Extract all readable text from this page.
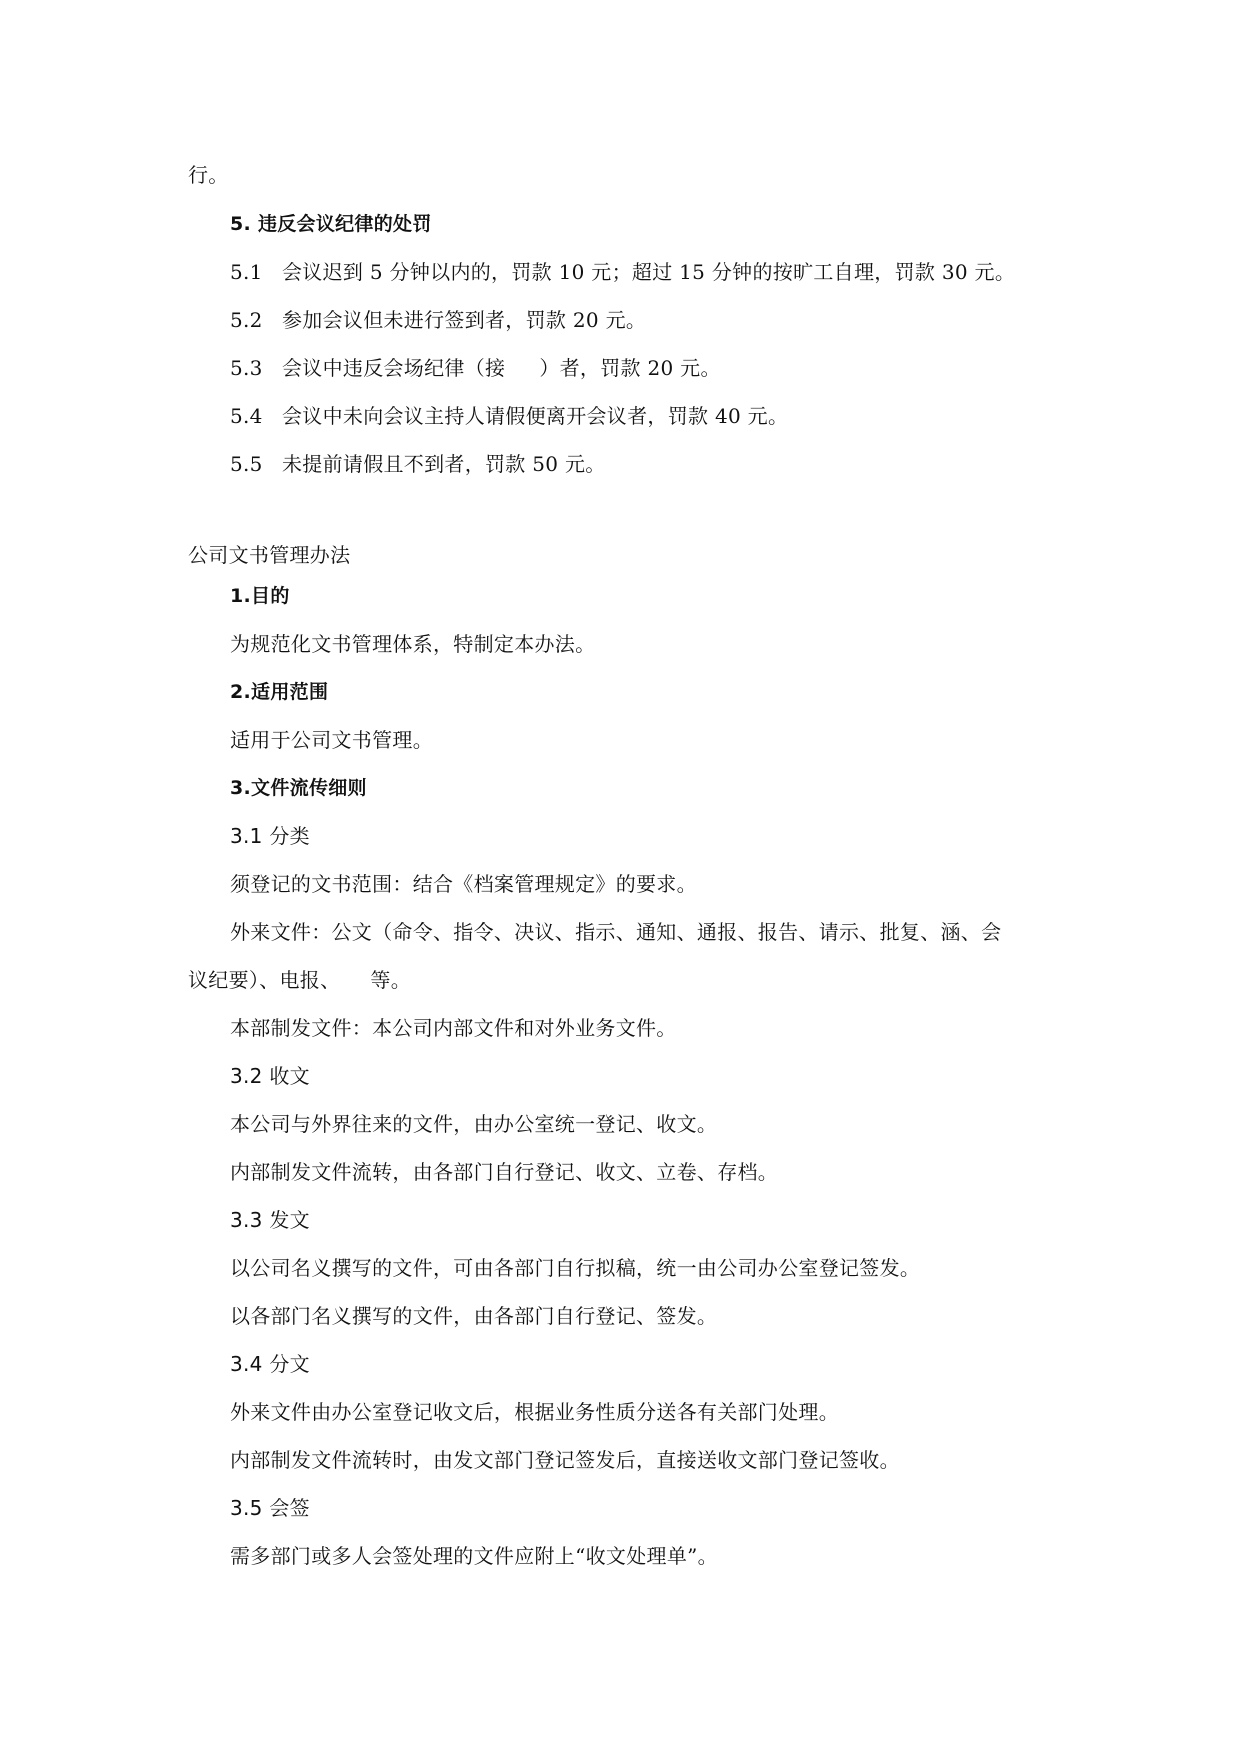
行。
5. 违反会议纪律的处罚
5.1 会议迟到 5 分钟以内的，罚款 10 元；超过 15 分钟的按旷工自理，罚款 30 元。
5.2 参加会议但未进行签到者，罚款 20 元。
5.3 会议中违反会场纪律（接 ）者，罚款 20 元。
5.4 会议中未向会议主持人请假便离开会议者，罚款 40 元。
5.5 未提前请假且不到者，罚款 50 元。
公司文书管理办法
1.目的
为规范化文书管理体系，特制定本办法。
2.适用范围
适用于公司文书管理。
3.文件流传细则
3.1 分类
须登记的文书范围：结合《档案管理规定》的要求。
外来文件：公文（命令、指令、决议、指示、通知、通报、报告、请示、批复、涵、会
议纪要）、电报、 等。
本部制发文件：本公司内部文件和对外业务文件。
3.2 收文
本公司与外界往来的文件，由办公室统一登记、收文。
内部制发文件流转，由各部门自行登记、收文、立卷、存档。
3.3 发文
以公司名义撰写的文件，可由各部门自行拟稿，统一由公司办公室登记签发。
以各部门名义撰写的文件，由各部门自行登记、签发。
3.4 分文
外来文件由办公室登记收文后，根据业务性质分送各有关部门处理。
内部制发文件流转时，由发文部门登记签发后，直接送收文部门登记签收。
3.5 会签
需多部门或多人会签处理的文件应附上“收文处理单”。
